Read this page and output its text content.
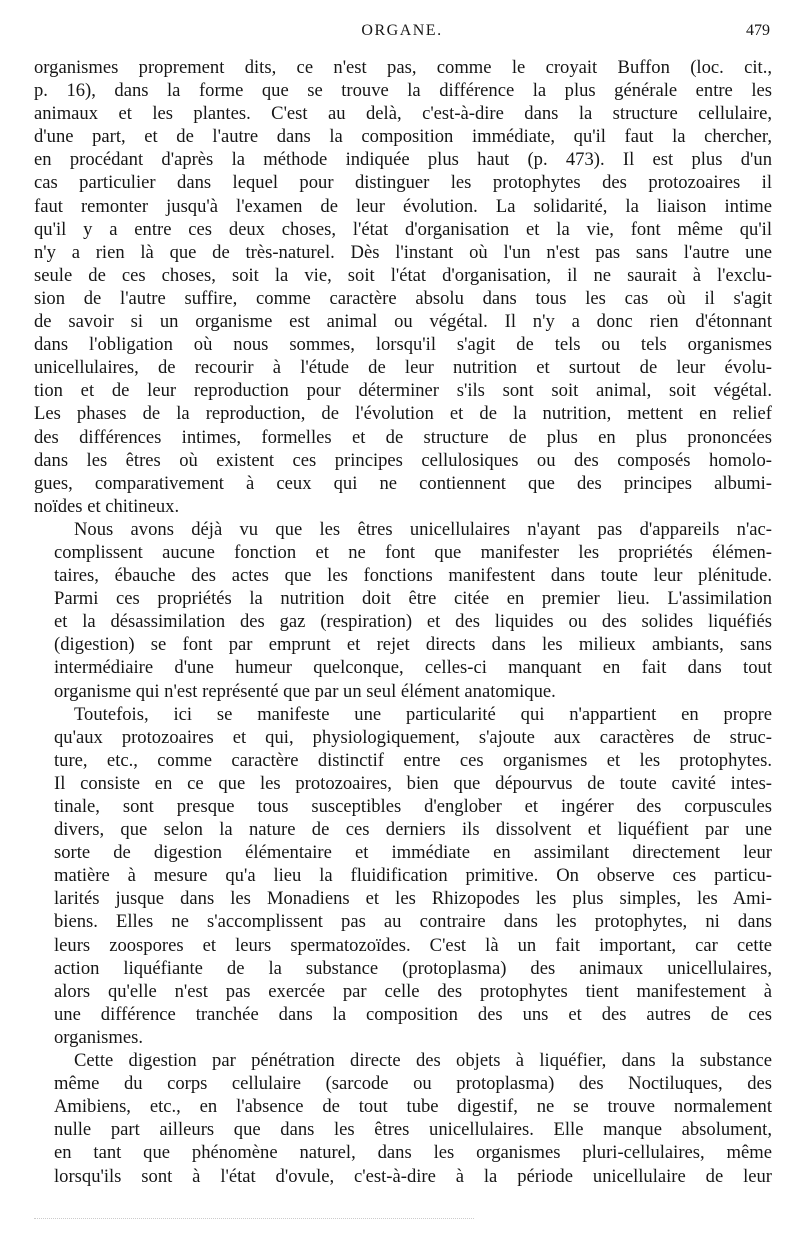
ORGANE.	479

organismes proprement dits, ce n'est pas, comme le croyait Buffon (loc. cit.,
p. 16), dans la forme que se trouve la différence la plus générale entre les
animaux et les plantes. C'est au delà, c'est-à-dire dans la structure cellulaire,
d'une part, et de l'autre dans la composition immédiate, qu'il faut la chercher,
en procédant d'après la méthode indiquée plus haut (p. 473). Il est plus d'un
cas particulier dans lequel pour distinguer les protophytes des protozoaires il
faut remonter jusqu'à l'examen de leur évolution. La solidarité, la liaison intime
qu'il y a entre ces deux choses, l'état d'organisation et la vie, font même qu'il
n'y a rien là que de très-naturel. Dès l'instant où l'un n'est pas sans l'autre une
seule de ces choses, soit la vie, soit l'état d'organisation, il ne saurait à l'exclu-
sion de l'autre suffire, comme caractère absolu dans tous les cas où il s'agit
de savoir si un organisme est animal ou végétal. Il n'y a donc rien d'étonnant
dans l'obligation où nous sommes, lorsqu'il s'agit de tels ou tels organismes
unicellulaires, de recourir à l'étude de leur nutrition et surtout de leur évolu-
tion et de leur reproduction pour déterminer s'ils sont soit animal, soit végétal.
Les phases de la reproduction, de l'évolution et de la nutrition, mettent en relief
des différences intimes, formelles et de structure de plus en plus prononcées
dans les êtres où existent ces principes cellulosiques ou des composés homolo-
gues, comparativement à ceux qui ne contiennent que des principes albumi-
noïdes et chitineux.

Nous avons déjà vu que les êtres unicellulaires n'ayant pas d'appareils n'ac-
complissent aucune fonction et ne font que manifester les propriétés élémen-
taires, ébauche des actes que les fonctions manifestent dans toute leur plénitude.
Parmi ces propriétés la nutrition doit être citée en premier lieu. L'assimilation
et la désassimilation des gaz (respiration) et des liquides ou des solides liquéfiés
(digestion) se font par emprunt et rejet directs dans les milieux ambiants, sans
intermédiaire d'une humeur quelconque, celles-ci manquant en fait dans tout
organisme qui n'est représenté que par un seul élément anatomique.

Toutefois, ici se manifeste une particularité qui n'appartient en propre
qu'aux protozoaires et qui, physiologiquement, s'ajoute aux caractères de struc-
ture, etc., comme caractère distinctif entre ces organismes et les protophytes.
Il consiste en ce que les protozoaires, bien que dépourvus de toute cavité intes-
tinale, sont presque tous susceptibles d'englober et ingérer des corpuscules
divers, que selon la nature de ces derniers ils dissolvent et liquéfient par une
sorte de digestion élémentaire et immédiate en assimilant directement leur
matière à mesure qu'a lieu la fluidification primitive. On observe ces particu-
larités jusque dans les Monadiens et les Rhizopodes les plus simples, les Ami-
biens. Elles ne s'accomplissent pas au contraire dans les protophytes, ni dans
leurs zoospores et leurs spermatozoïdes. C'est là un fait important, car cette
action liquéfiante de la substance (protoplasma) des animaux unicellulaires,
alors qu'elle n'est pas exercée par celle des protophytes tient manifestement à
une différence tranchée dans la composition des uns et des autres de ces
organismes.

Cette digestion par pénétration directe des objets à liquéfier, dans la substance
même du corps cellulaire (sarcode ou protoplasma) des Noctiluques, des
Amibiens, etc., en l'absence de tout tube digestif, ne se trouve normalement
nulle part ailleurs que dans les êtres unicellulaires. Elle manque absolument,
en tant que phénomène naturel, dans les organismes pluri-cellulaires, même
lorsqu'ils sont à l'état d'ovule, c'est-à-dire à la période unicellulaire de leur
